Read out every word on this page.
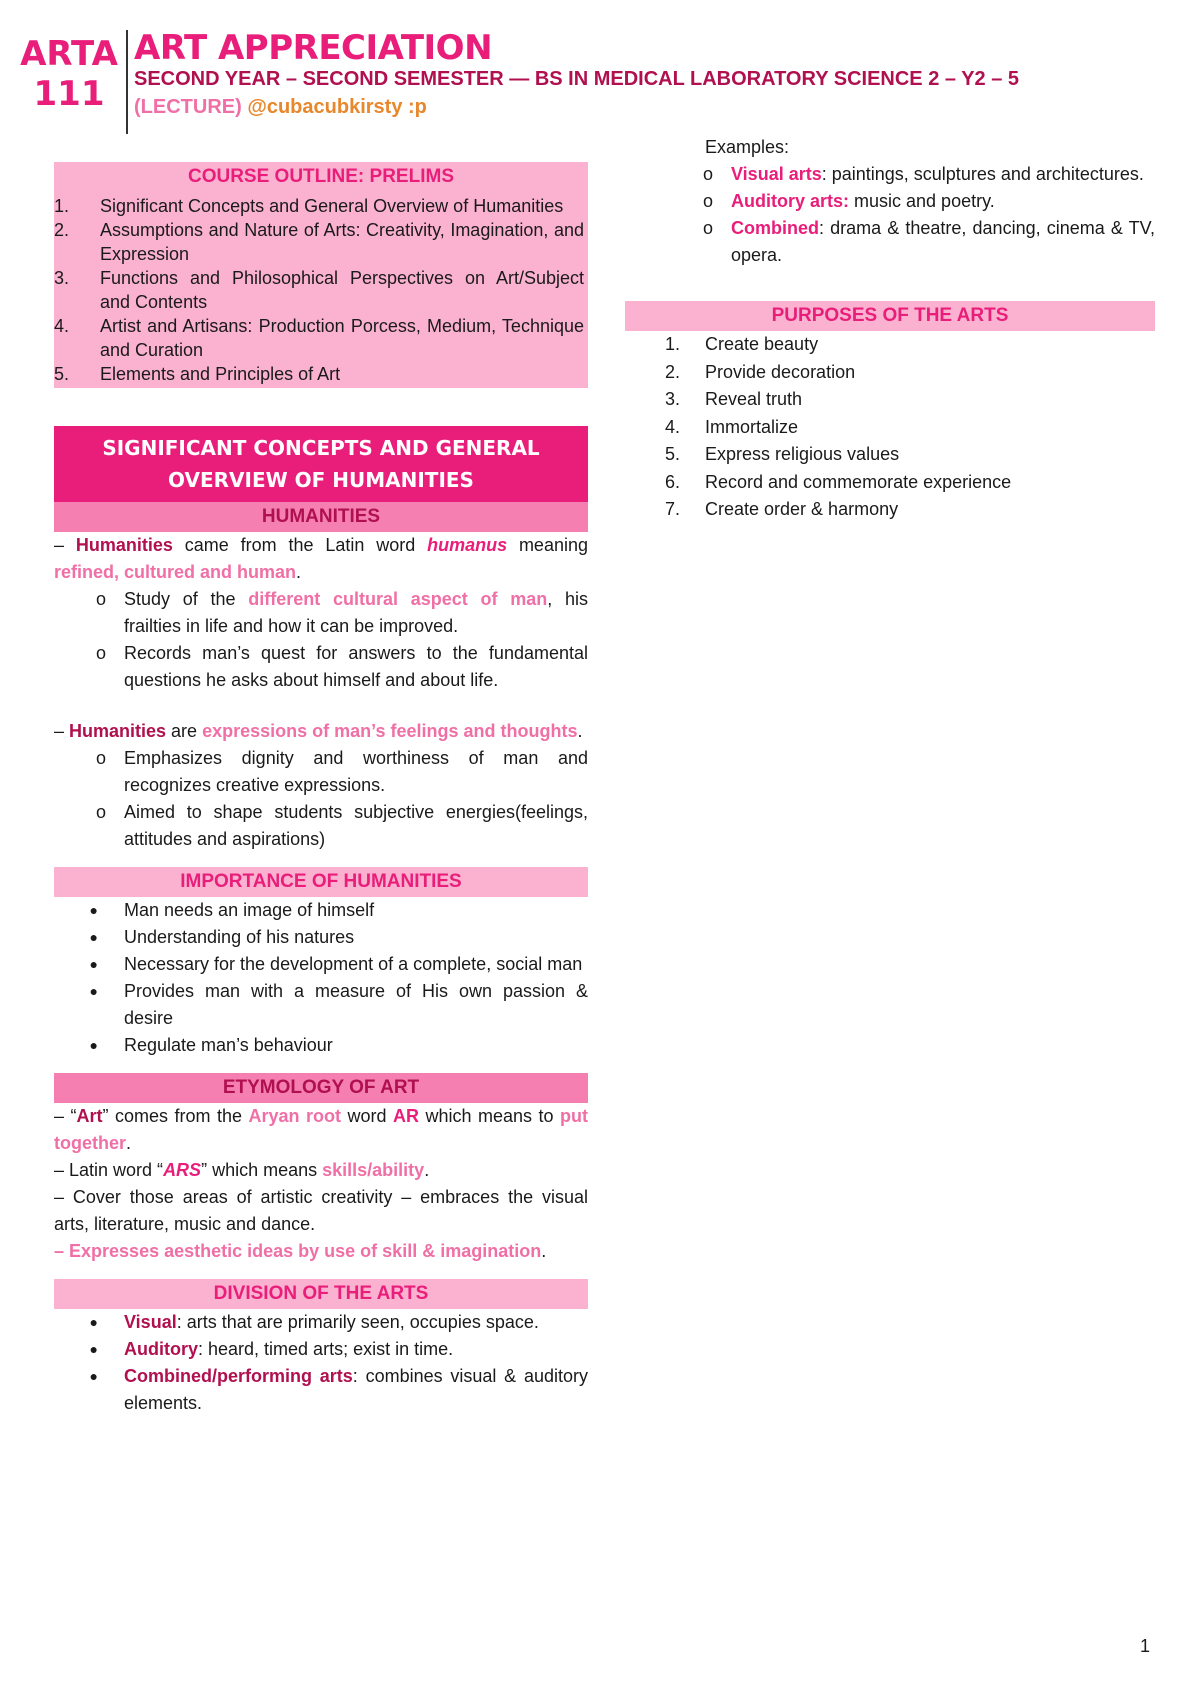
ARTA
111
ART APPRECIATION
SECOND YEAR – SECOND SEMESTER — BS IN MEDICAL LABORATORY SCIENCE 2 – Y2 – 5
(LECTURE) @cubacubkirsty :p
COURSE OUTLINE: PRELIMS
1.	Significant Concepts and General Overview of Humanities
2.	Assumptions and Nature of Arts: Creativity, Imagination, and Expression
3.	Functions and Philosophical Perspectives on Art/Subject and Contents
4.	Artist and Artisans: Production Porcess, Medium, Technique and Curation
5.	Elements and Principles of Art
SIGNIFICANT CONCEPTS AND GENERAL
OVERVIEW OF HUMANITIES
HUMANITIES

– Humanities came from the Latin word humanus meaning refined, cultured and human.

o	Study of the different cultural aspect of man, his frailties in life and how it can be improved.
o	Records man’s quest for answers to the fundamental questions he asks about himself and about life.

– Humanities are expressions of man’s feelings and thoughts.

o	Emphasizes dignity and worthiness of man and recognizes creative expressions.
o	Aimed to shape students subjective energies(feelings, attitudes and aspirations)
IMPORTANCE OF HUMANITIES
●	Man needs an image of himself
●	Understanding of his natures
●	Necessary for the development of a complete, social man
●	Provides man with a measure of His own passion & desire
●	Regulate man’s behaviour
ETYMOLOGY OF ART

– “Art” comes from the Aryan root word AR which means to put together.

– Latin word “ARS” which means skills/ability.

– Cover those areas of artistic creativity – embraces the visual arts, literature, music and dance.

– Expresses aesthetic ideas by use of skill & imagination.

DIVISION OF THE ARTS
●	Visual: arts that are primarily seen, occupies space.
●	Auditory: heard, timed arts; exist in time.
●	Combined/performing arts: combines visual & auditory elements.

Examples:

o	Visual arts: paintings, sculptures and architectures.
o	Auditory arts: music and poetry.
o	Combined: drama & theatre, dancing, cinema & TV, opera.
PURPOSES OF THE ARTS
1.	Create beauty
2.	Provide decoration
3.	Reveal truth
4.	Immortalize
5.	Express religious values
6.	Record and commemorate experience
7.	Create order & harmony
1
